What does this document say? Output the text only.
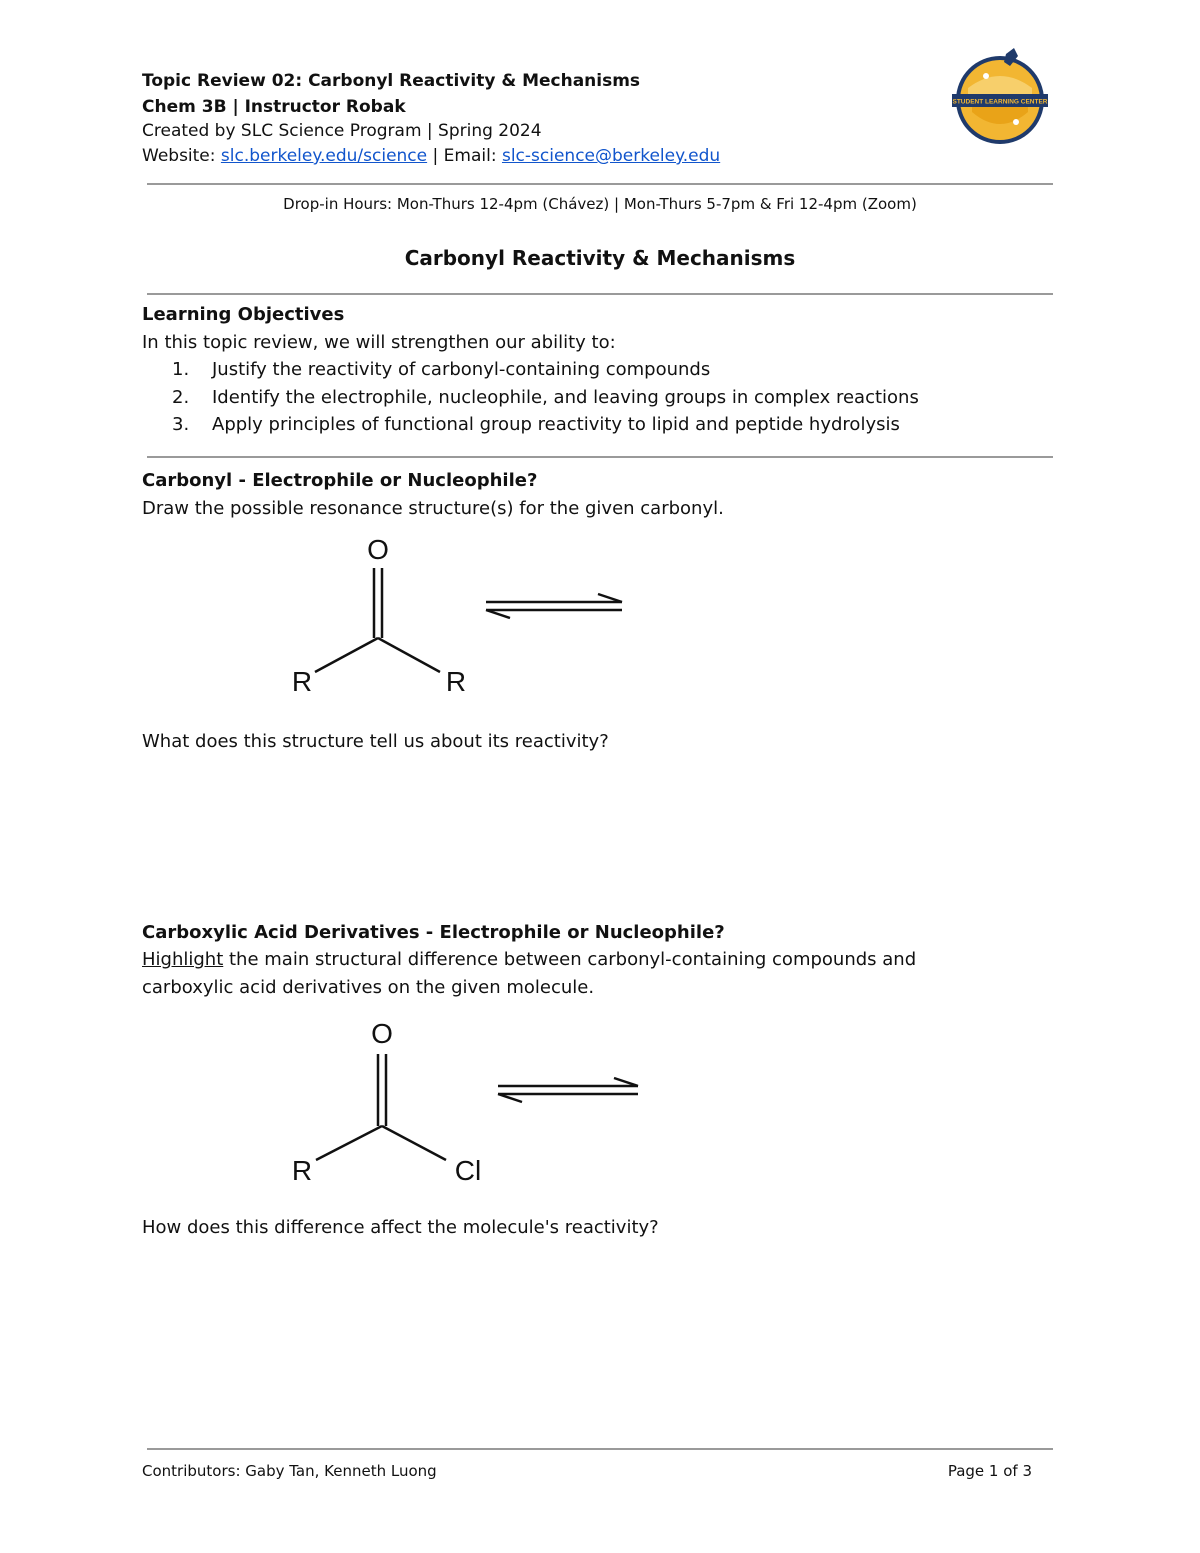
Topic Review 02: Carbonyl Reactivity & Mechanisms
Chem 3B | Instructor Robak
Created by SLC Science Program | Spring 2024
Website: slc.berkeley.edu/science | Email: slc-science@berkeley.edu
STUDENT LEARNING CENTER
Drop-in Hours: Mon-Thurs 12-4pm (Chávez) | Mon-Thurs 5-7pm & Fri 12-4pm (Zoom)
Carbonyl Reactivity & Mechanisms
Learning Objectives
In this topic review, we will strengthen our ability to:
1. Justify the reactivity of carbonyl-containing compounds
2. Identify the electrophile, nucleophile, and leaving groups in complex reactions
3. Apply principles of functional group reactivity to lipid and peptide hydrolysis
Carbonyl - Electrophile or Nucleophile?
Draw the possible resonance structure(s) for the given carbonyl.
O
R	R
What does this structure tell us about its reactivity?
Carboxylic Acid Derivatives - Electrophile or Nucleophile?
Highlight the main structural difference between carbonyl-containing compounds and
carboxylic acid derivatives on the given molecule.
O
R	Cl
How does this difference affect the molecule's reactivity?
Contributors: Gaby Tan, Kenneth Luong	Page 1 of 3
